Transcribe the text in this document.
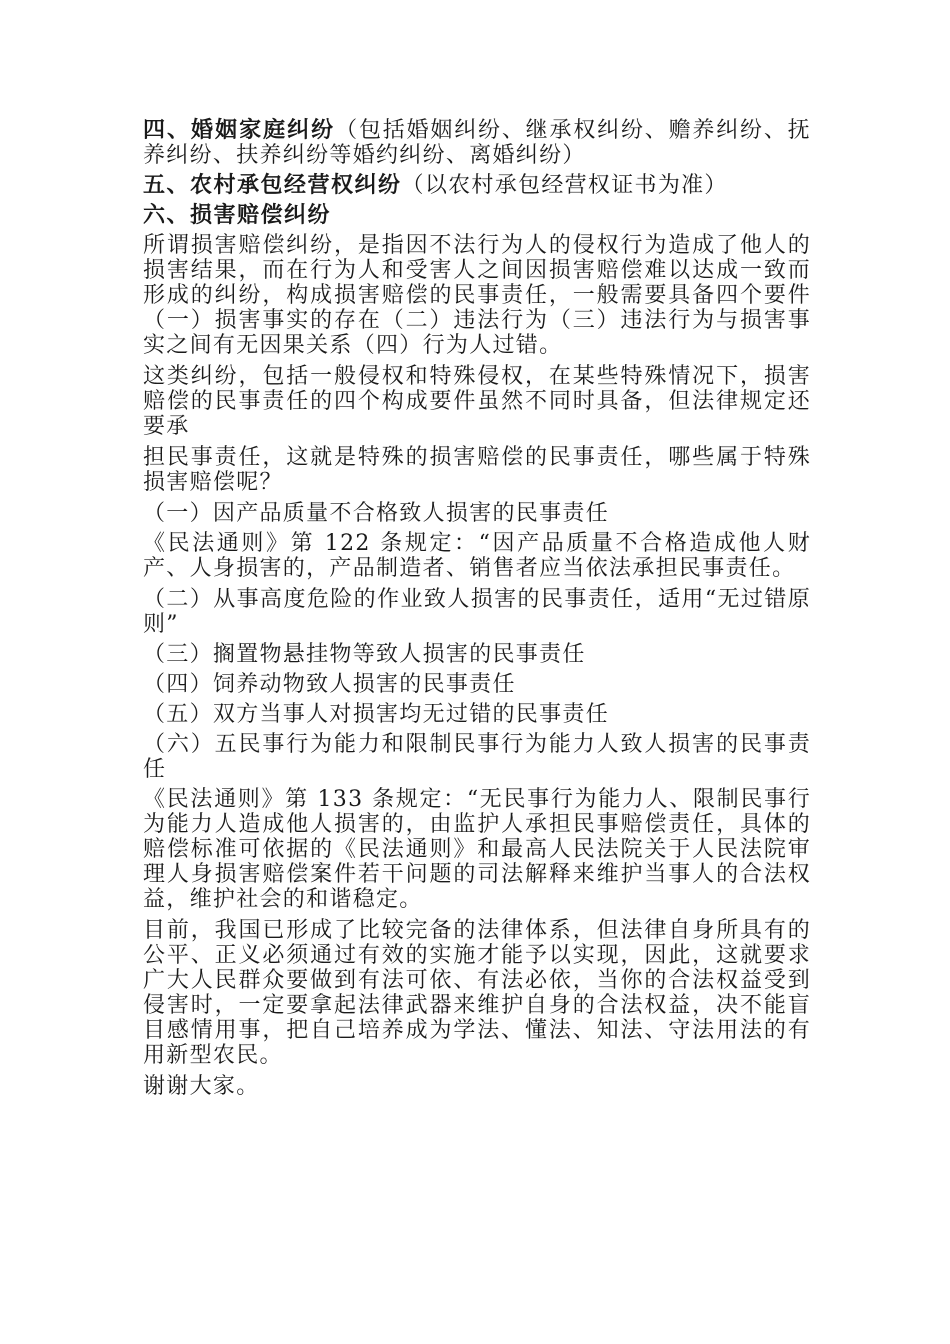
四、婚姻家庭纠纷（包括婚姻纠纷、继承权纠纷、赡养纠纷、抚养纠纷、扶养纠纷等婚约纠纷、离婚纠纷）
五、农村承包经营权纠纷（以农村承包经营权证书为准）
六、损害赔偿纠纷
所谓损害赔偿纠纷，是指因不法行为人的侵权行为造成了他人的损害结果，而在行为人和受害人之间因损害赔偿难以达成一致而形成的纠纷，构成损害赔偿的民事责任，一般需要具备四个要件（一）损害事实的存在（二）违法行为（三）违法行为与损害事实之间有无因果关系（四）行为人过错。
这类纠纷，包括一般侵权和特殊侵权，在某些特殊情况下，损害赔偿的民事责任的四个构成要件虽然不同时具备，但法律规定还要承
担民事责任，这就是特殊的损害赔偿的民事责任，哪些属于特殊损害赔偿呢？
（一）因产品质量不合格致人损害的民事责任
《民法通则》第 122 条规定：“因产品质量不合格造成他人财产、人身损害的，产品制造者、销售者应当依法承担民事责任。
（二）从事高度危险的作业致人损害的民事责任，适用“无过错原则”
（三）搁置物悬挂物等致人损害的民事责任
（四）饲养动物致人损害的民事责任
（五）双方当事人对损害均无过错的民事责任
（六）五民事行为能力和限制民事行为能力人致人损害的民事责任
《民法通则》第 133 条规定：“无民事行为能力人、限制民事行为能力人造成他人损害的，由监护人承担民事赔偿责任，具体的赔偿标准可依据的《民法通则》和最高人民法院关于人民法院审理人身损害赔偿案件若干问题的司法解释来维护当事人的合法权益，维护社会的和谐稳定。
目前，我国已形成了比较完备的法律体系，但法律自身所具有的公平、正义必须通过有效的实施才能予以实现，因此，这就要求广大人民群众要做到有法可依、有法必依，当你的合法权益受到侵害时，一定要拿起法律武器来维护自身的合法权益，决不能盲目感情用事，把自己培养成为学法、懂法、知法、守法用法的有用新型农民。
谢谢大家。
